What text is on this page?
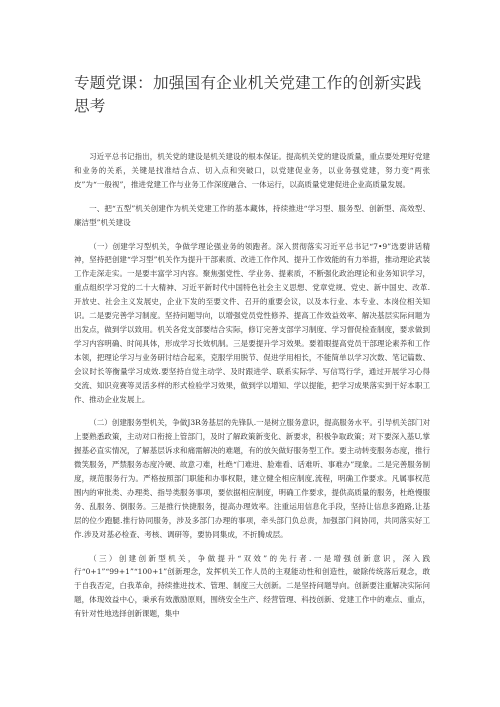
专题党课：加强国有企业机关党建工作的创新实践思考

习近平总书记指出，机关党的建设是机关建设的根本保证。提高机关党的建设质量，重点要处理好党建和业务的关系，关键是找准结合点、切入点和突破口，以党建促业务，以业务强党建，努力变“两张皮”为“一般视”，推进党建工作与业务工作深度融合、一体运行，以高质量党建促进企业高质量发展。

一、把“五型”机关创建作为机关党建工作的基本藏体，持续推进“学习型、服务型、创新型、高效型、廉洁型”机关建设

（一）创建学习型机关，争做学理论强业务的领跑者。深入贯彻落实习近平总书记“7•9”选要讲话精神，坚持把创建“学习型”机关作为提升干部素质、改进工作作风、提升工作效能的有力举措，推动理论武装工作走深走实。一是要丰富学习内容。聚焦强党性、学业务、提素质，不断强化政治理论和业务知识学习，重点组织学习党的二十大精神、习近平新时代中国特色社会主义思想、党章党规、党史、新中国史、改革.开放史、社会主义发展史，企业下发的至要文件、召开的重要会议，以及本行业、本专业、本岗位相关知识。二是要完善学习制度。坚持问题导向，以增强党员党性修养、提高工作效益效率、解决基层实际问题为出发点，做到学以致用。机关各党支部要结合实际，修订完善支部学习制度、学习督促检查制度，要求做到学习内容明确、时间具体，形成学习长效机制。三是要提升学习效果。要着眼提高党员干部理论素养和工作本领，把理论学习与业务研讨结合起来，克服学用脱节、促进学用相长，不能简单以学习次数、笔记篇数、会议时长等衡量学习成效.要坚持自觉主动学、及时跟进学、联系实际学、写信骂行学，通过开展学习心得交流、知识竞赛等灵活多样的形式检验学习效果，做到学以增知、学以提能，把学习成果落实到干好本职工作、推动企业发展上。

（二）创建服务型机关，争做J3R务基层的先锋队.一是树立服务意识，提高服务水平。引导机关部门对上要熟悉政策，主动对口衔接上管部门，及时了解政策新变化、新要求，积极争取政策；对下要深入基U,掌握基必直实情况，了解基层诉求和痛需解决的难题，有的放矢做好服务型工作。要主动转变服务态度，推行微笑服务，严禁服务态度冷硬、故意刁难，杜绝“门难进、脸难看、话难听、事难办”现象。二是完善服务制度，规范服务行为。严格按照部门职能和办事权限，建立健全相应制度,流程，明确工作要求。凡属事权范围内的审批类、办理类、指导类服务事项，要依据相应制度，明确工作要求，提供高质量的服务，杜绝慢服务、乱服务、倒服务。三是推行快捷服务，提高办理效率。注重运用信息化手段，坚持让信息多跑路,让基层的位少跑腿.推行协同服务，涉及多部门办理的事项，牵头部门负总责，加强部门间协同，共同落实好工作.涉及对基必检查、考核、调研等，要协同集成，不折腾成层。

（三）创建创新型机关，争做提升“双效”的先行者.一是增强创新意识，深入践行“0+1”“99+1”“100+1”创新理念，发挥机关工作人员的主观能动性和创造性，破除传统落后观念，敢于自我否定，白我革命，持续推进技术、管理、制度三大创新。二是坚持问题导向。创新要注重解决实际问题，体现效益中心，秉承有效激励原则，围绕安全生产、经营管理、科技创新、党建工作中的难点、重点，有针对性地选择创新课题，集中
